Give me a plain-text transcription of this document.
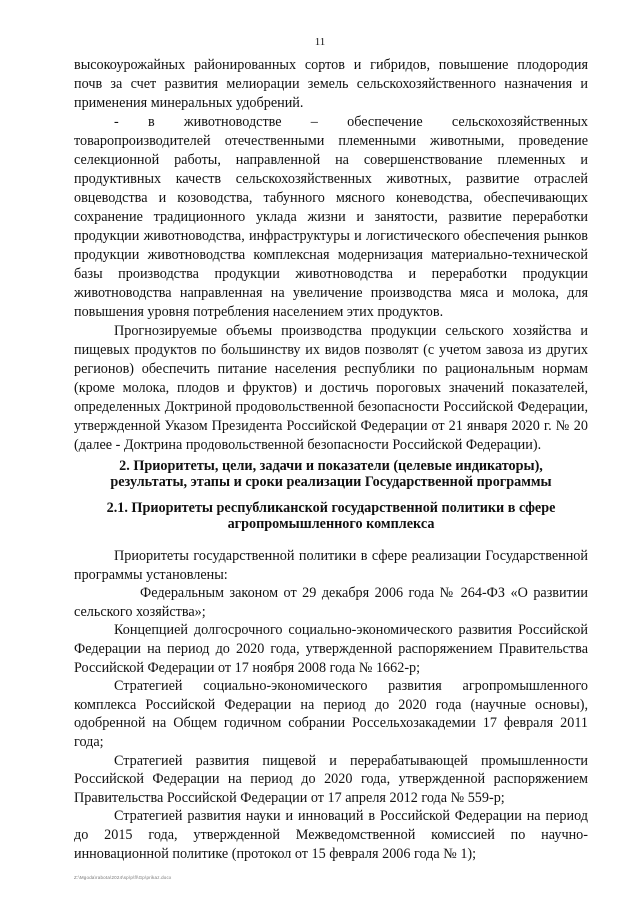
11

высокоурожайных районированных сортов и гибридов, повышение плодородия почв за счет развития мелиорации земель сельскохозяйственного назначения и применения минеральных удобрений.

- в животноводстве – обеспечение сельскохозяйственных товаропроизводителей отечественными племенными животными, проведение селекционной работы, направленной на совершенствование племенных и продуктивных качеств сельскохозяйственных животных, развитие отраслей овцеводства и козоводства, табунного мясного коневодства, обеспечивающих сохранение традиционного уклада жизни и занятости, развитие переработки продукции животноводства, инфраструктуры и логистического обеспечения рынков продукции животноводства комплексная модернизация материально-технической базы производства продукции животноводства и переработки продукции животноводства направленная на увеличение производства мяса и молока, для повышения уровня потребления населением этих продуктов.

Прогнозируемые объемы производства продукции сельского хозяйства и пищевых продуктов по большинству их видов позволят (с учетом завоза из других регионов) обеспечить питание населения республики по рациональным нормам (кроме молока, плодов и фруктов) и достичь пороговых значений показателей, определенных Доктриной продовольственной безопасности Российской Федерации, утвержденной Указом Президента Российской Федерации от 21 января 2020 г. № 20 (далее - Доктрина продовольственной безопасности Российской Федерации).

2. Приоритеты, цели, задачи и показатели (целевые индикаторы), результаты, этапы и сроки реализации Государственной программы

2.1. Приоритеты республиканской государственной политики в сфере агропромышленного комплекса

Приоритеты государственной политики в сфере реализации Государственной программы установлены:

Федеральным законом от 29 декабря 2006 года № 264-ФЗ «О развитии сельского хозяйства»;

Концепцией долгосрочного социально-экономического развития Российской Федерации на период до 2020 года, утвержденной распоряжением Правительства Российской Федерации от 17 ноября 2008 года № 1662-р;

Стратегией социально-экономического развития агропромышленного комплекса Российской Федерации на период до 2020 года (научные основы), одобренной на Общем годичном собрании Россельхозакадемии 17 февраля 2011 года;

Стратегией развития пищевой и перерабатывающей промышленности Российской Федерации на период до 2020 года, утвержденной распоряжением Правительства Российской Федерации от 17 апреля 2012 года № 559-р;

Стратегией развития науки и инноваций в Российской Федерации на период до 2015 года, утвержденной Межведомственной комиссией по научно-инновационной политике (протокол от 15 февраля 2006 года № 1);

Z:\Mgoda\rabota\2024\sp\p\fl\Gp\prikaz.docx
